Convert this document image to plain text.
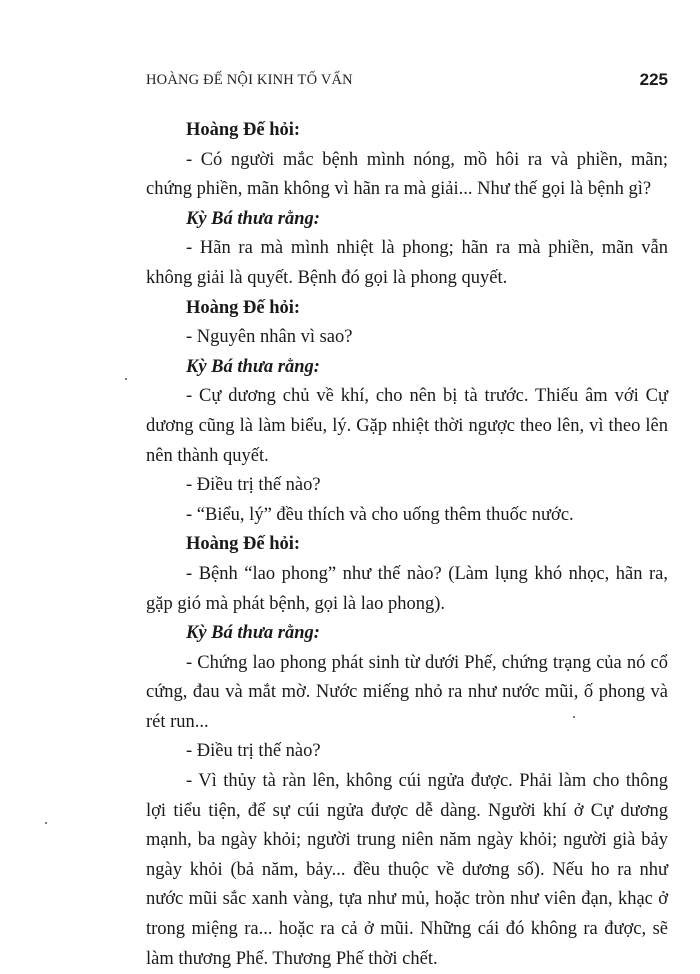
HOÀNG ĐẾ NỘI KINH TỐ VẤN	225

Hoàng Đế hỏi:

- Có người mắc bệnh mình nóng, mồ hôi ra và phiền, mãn; chứng phiền, mãn không vì hãn ra mà giải... Như thế gọi là bệnh gì?

Kỳ Bá thưa rằng:

- Hãn ra mà mình nhiệt là phong; hãn ra mà phiền, mãn vẫn không giải là quyết. Bệnh đó gọi là phong quyết.

Hoàng Đế hỏi:

- Nguyên nhân vì sao?

Kỳ Bá thưa rằng:

- Cự dương chủ về khí, cho nên bị tà trước. Thiếu âm với Cự dương cũng là làm biểu, lý. Gặp nhiệt thời ngược theo lên, vì theo lên nên thành quyết.

- Điều trị thế nào?

- “Biểu, lý” đều thích và cho uống thêm thuốc nước.

Hoàng Đế hỏi:

- Bệnh “lao phong” như thế nào? (Làm lụng khó nhọc, hãn ra, gặp gió mà phát bệnh, gọi là lao phong).

Kỳ Bá thưa rằng:

- Chứng lao phong phát sinh từ dưới Phế, chứng trạng của nó cổ cứng, đau và mắt mờ. Nước miếng nhỏ ra như nước mũi, ố phong và rét run...

- Điều trị thế nào?

- Vì thủy tà ràn lên, không cúi ngửa được. Phải làm cho thông lợi tiểu tiện, để sự cúi ngửa được dễ dàng. Người khí ở Cự dương mạnh, ba ngày khỏi; người trung niên năm ngày khỏi; người già bảy ngày khỏi (bả năm, bảy... đều thuộc về dương số). Nếu ho ra như nước mũi sắc xanh vàng, tựa như mủ, hoặc tròn như viên đạn, khạc ở trong miệng ra... hoặc ra cả ở mũi. Những cái đó không ra được, sẽ làm thương Phế. Thương Phế thời chết.
